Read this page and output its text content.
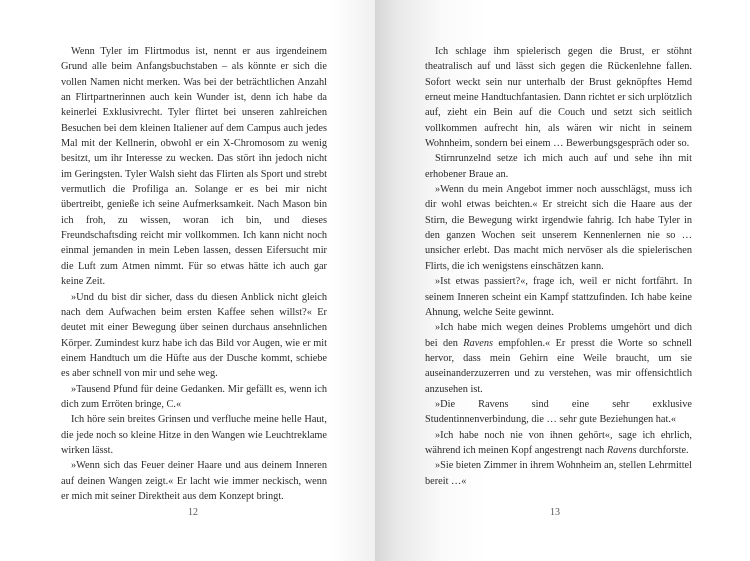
Wenn Tyler im Flirtmodus ist, nennt er aus irgendeinem Grund alle beim Anfangsbuchstaben – als könnte er sich die vollen Namen nicht merken. Was bei der beträchtlichen Anzahl an Flirtpartnerinnen auch kein Wunder ist, denn ich habe da keinerlei Exklusivrecht. Tyler flirtet bei unseren zahlreichen Besuchen bei dem kleinen Italiener auf dem Campus auch jedes Mal mit der Kellnerin, obwohl er ein X-Chromosom zu wenig besitzt, um ihr Interesse zu wecken. Das stört ihn jedoch nicht im Geringsten. Tyler Walsh sieht das Flirten als Sport und strebt vermutlich die Profiliga an. Solange er es bei mir nicht übertreibt, genieße ich seine Aufmerksamkeit. Nach Mason bin ich froh, zu wissen, woran ich bin, und dieses Freundschaftsding reicht mir vollkommen. Ich kann nicht noch einmal jemanden in mein Leben lassen, dessen Eifersucht mir die Luft zum Atmen nimmt. Für so etwas hätte ich auch gar keine Zeit.

»Und du bist dir sicher, dass du diesen Anblick nicht gleich nach dem Aufwachen beim ersten Kaffee sehen willst?« Er deutet mit einer Bewegung über seinen durchaus ansehnlichen Körper. Zumindest kurz habe ich das Bild vor Augen, wie er mit einem Handtuch um die Hüfte aus der Dusche kommt, schiebe es aber schnell von mir und sehe weg.

»Tausend Pfund für deine Gedanken. Mir gefällt es, wenn ich dich zum Erröten bringe, C.«

Ich höre sein breites Grinsen und verfluche meine helle Haut, die jede noch so kleine Hitze in den Wangen wie Leuchtreklame wirken lässt.

»Wenn sich das Feuer deiner Haare und aus deinem Inneren auf deinen Wangen zeigt.« Er lacht wie immer neckisch, wenn er mich mit seiner Direktheit aus dem Konzept bringt.

12

Ich schlage ihm spielerisch gegen die Brust, er stöhnt theatralisch auf und lässt sich gegen die Rückenlehne fallen. Sofort weckt sein nur unterhalb der Brust geknöpftes Hemd erneut meine Handtuchfantasien. Dann richtet er sich urplötzlich auf, zieht ein Bein auf die Couch und setzt sich seitlich vollkommen aufrecht hin, als wären wir nicht in seinem Wohnheim, sondern bei einem … Bewerbungsgespräch oder so.

Stirnrunzelnd setze ich mich auch auf und sehe ihn mit erhobener Braue an.

»Wenn du mein Angebot immer noch ausschlägst, muss ich dir wohl etwas beichten.« Er streicht sich die Haare aus der Stirn, die Bewegung wirkt irgendwie fahrig. Ich habe Tyler in den ganzen Wochen seit unserem Kennenlernen nie so … unsicher erlebt. Das macht mich nervöser als die spielerischen Flirts, die ich wenigstens einschätzen kann.

»Ist etwas passiert?«, frage ich, weil er nicht fortfährt. In seinem Inneren scheint ein Kampf stattzufinden. Ich habe keine Ahnung, welche Seite gewinnt.

»Ich habe mich wegen deines Problems umgehört und dich bei den Ravens empfohlen.« Er presst die Worte so schnell hervor, dass mein Gehirn eine Weile braucht, um sie auseinanderzuzerren und zu verstehen, was mir offensichtlich anzusehen ist.

»Die Ravens sind eine sehr exklusive Studentinnenverbindung, die … sehr gute Beziehungen hat.«

»Ich habe noch nie von ihnen gehört«, sage ich ehrlich, während ich meinen Kopf angestrengt nach Ravens durchforste.

»Sie bieten Zimmer in ihrem Wohnheim an, stellen Lehrmittel bereit …«

13
